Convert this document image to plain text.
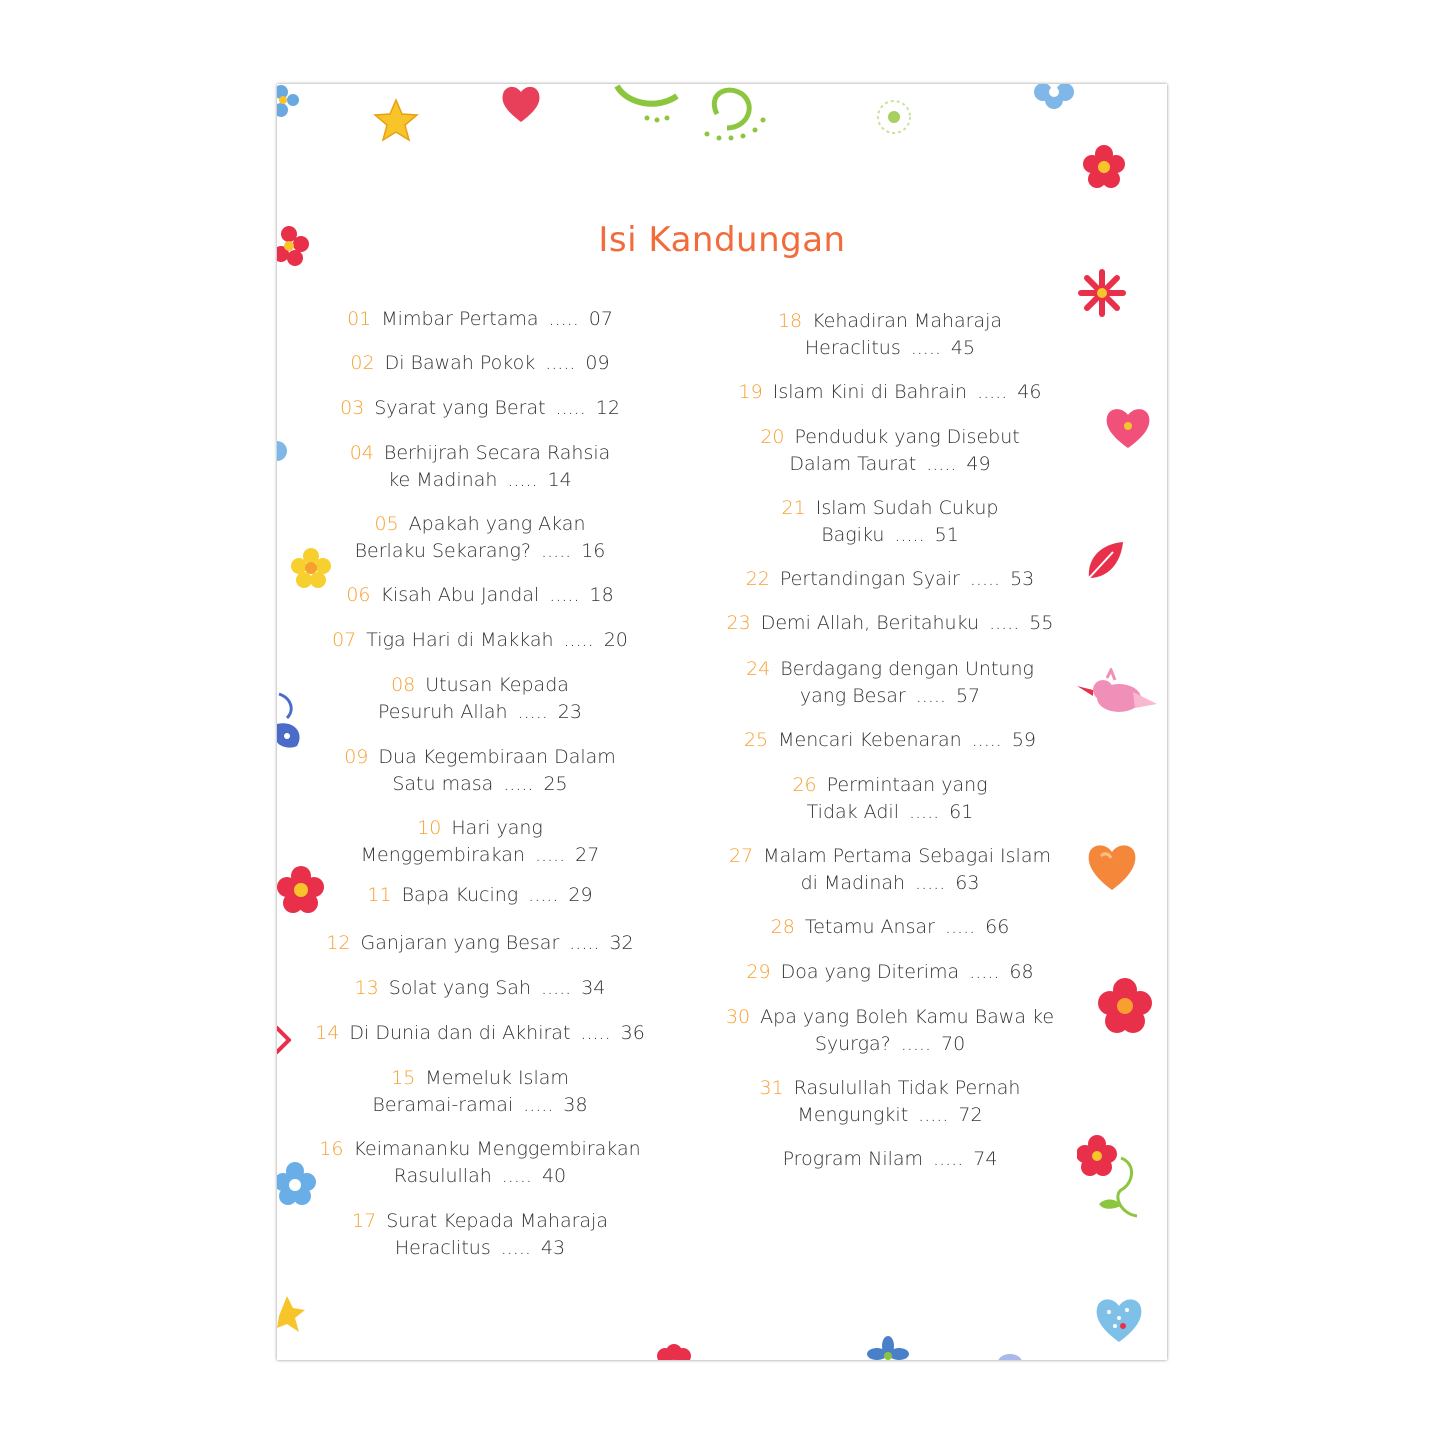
Isi Kandungan
01 Mimbar Pertama ..... 07
02 Di Bawah Pokok ..... 09
03 Syarat yang Berat ..... 12
04 Berhijrah Secara Rahsia
ke Madinah ..... 14
05 Apakah yang Akan
Berlaku Sekarang? ..... 16
06 Kisah Abu Jandal ..... 18
07 Tiga Hari di Makkah ..... 20
08 Utusan Kepada
Pesuruh Allah ..... 23
09 Dua Kegembiraan Dalam
Satu masa ..... 25
10 Hari yang
Menggembirakan ..... 27
11 Bapa Kucing ..... 29
12 Ganjaran yang Besar ..... 32
13 Solat yang Sah ..... 34
14 Di Dunia dan di Akhirat ..... 36
15 Memeluk Islam
Beramai-ramai ..... 38
16 Keimananku Menggembirakan
Rasulullah ..... 40
17 Surat Kepada Maharaja
Heraclitus ..... 43
18 Kehadiran Maharaja
Heraclitus ..... 45
19 Islam Kini di Bahrain ..... 46
20 Penduduk yang Disebut
Dalam Taurat ..... 49
21 Islam Sudah Cukup
Bagiku ..... 51
22 Pertandingan Syair ..... 53
23 Demi Allah, Beritahuku ..... 55
24 Berdagang dengan Untung
yang Besar ..... 57
25 Mencari Kebenaran ..... 59
26 Permintaan yang
Tidak Adil ..... 61
27 Malam Pertama Sebagai Islam
di Madinah ..... 63
28 Tetamu Ansar ..... 66
29 Doa yang Diterima ..... 68
30 Apa yang Boleh Kamu Bawa ke
Syurga? ..... 70
31 Rasulullah Tidak Pernah
Mengungkit ..... 72
Program Nilam ..... 74
